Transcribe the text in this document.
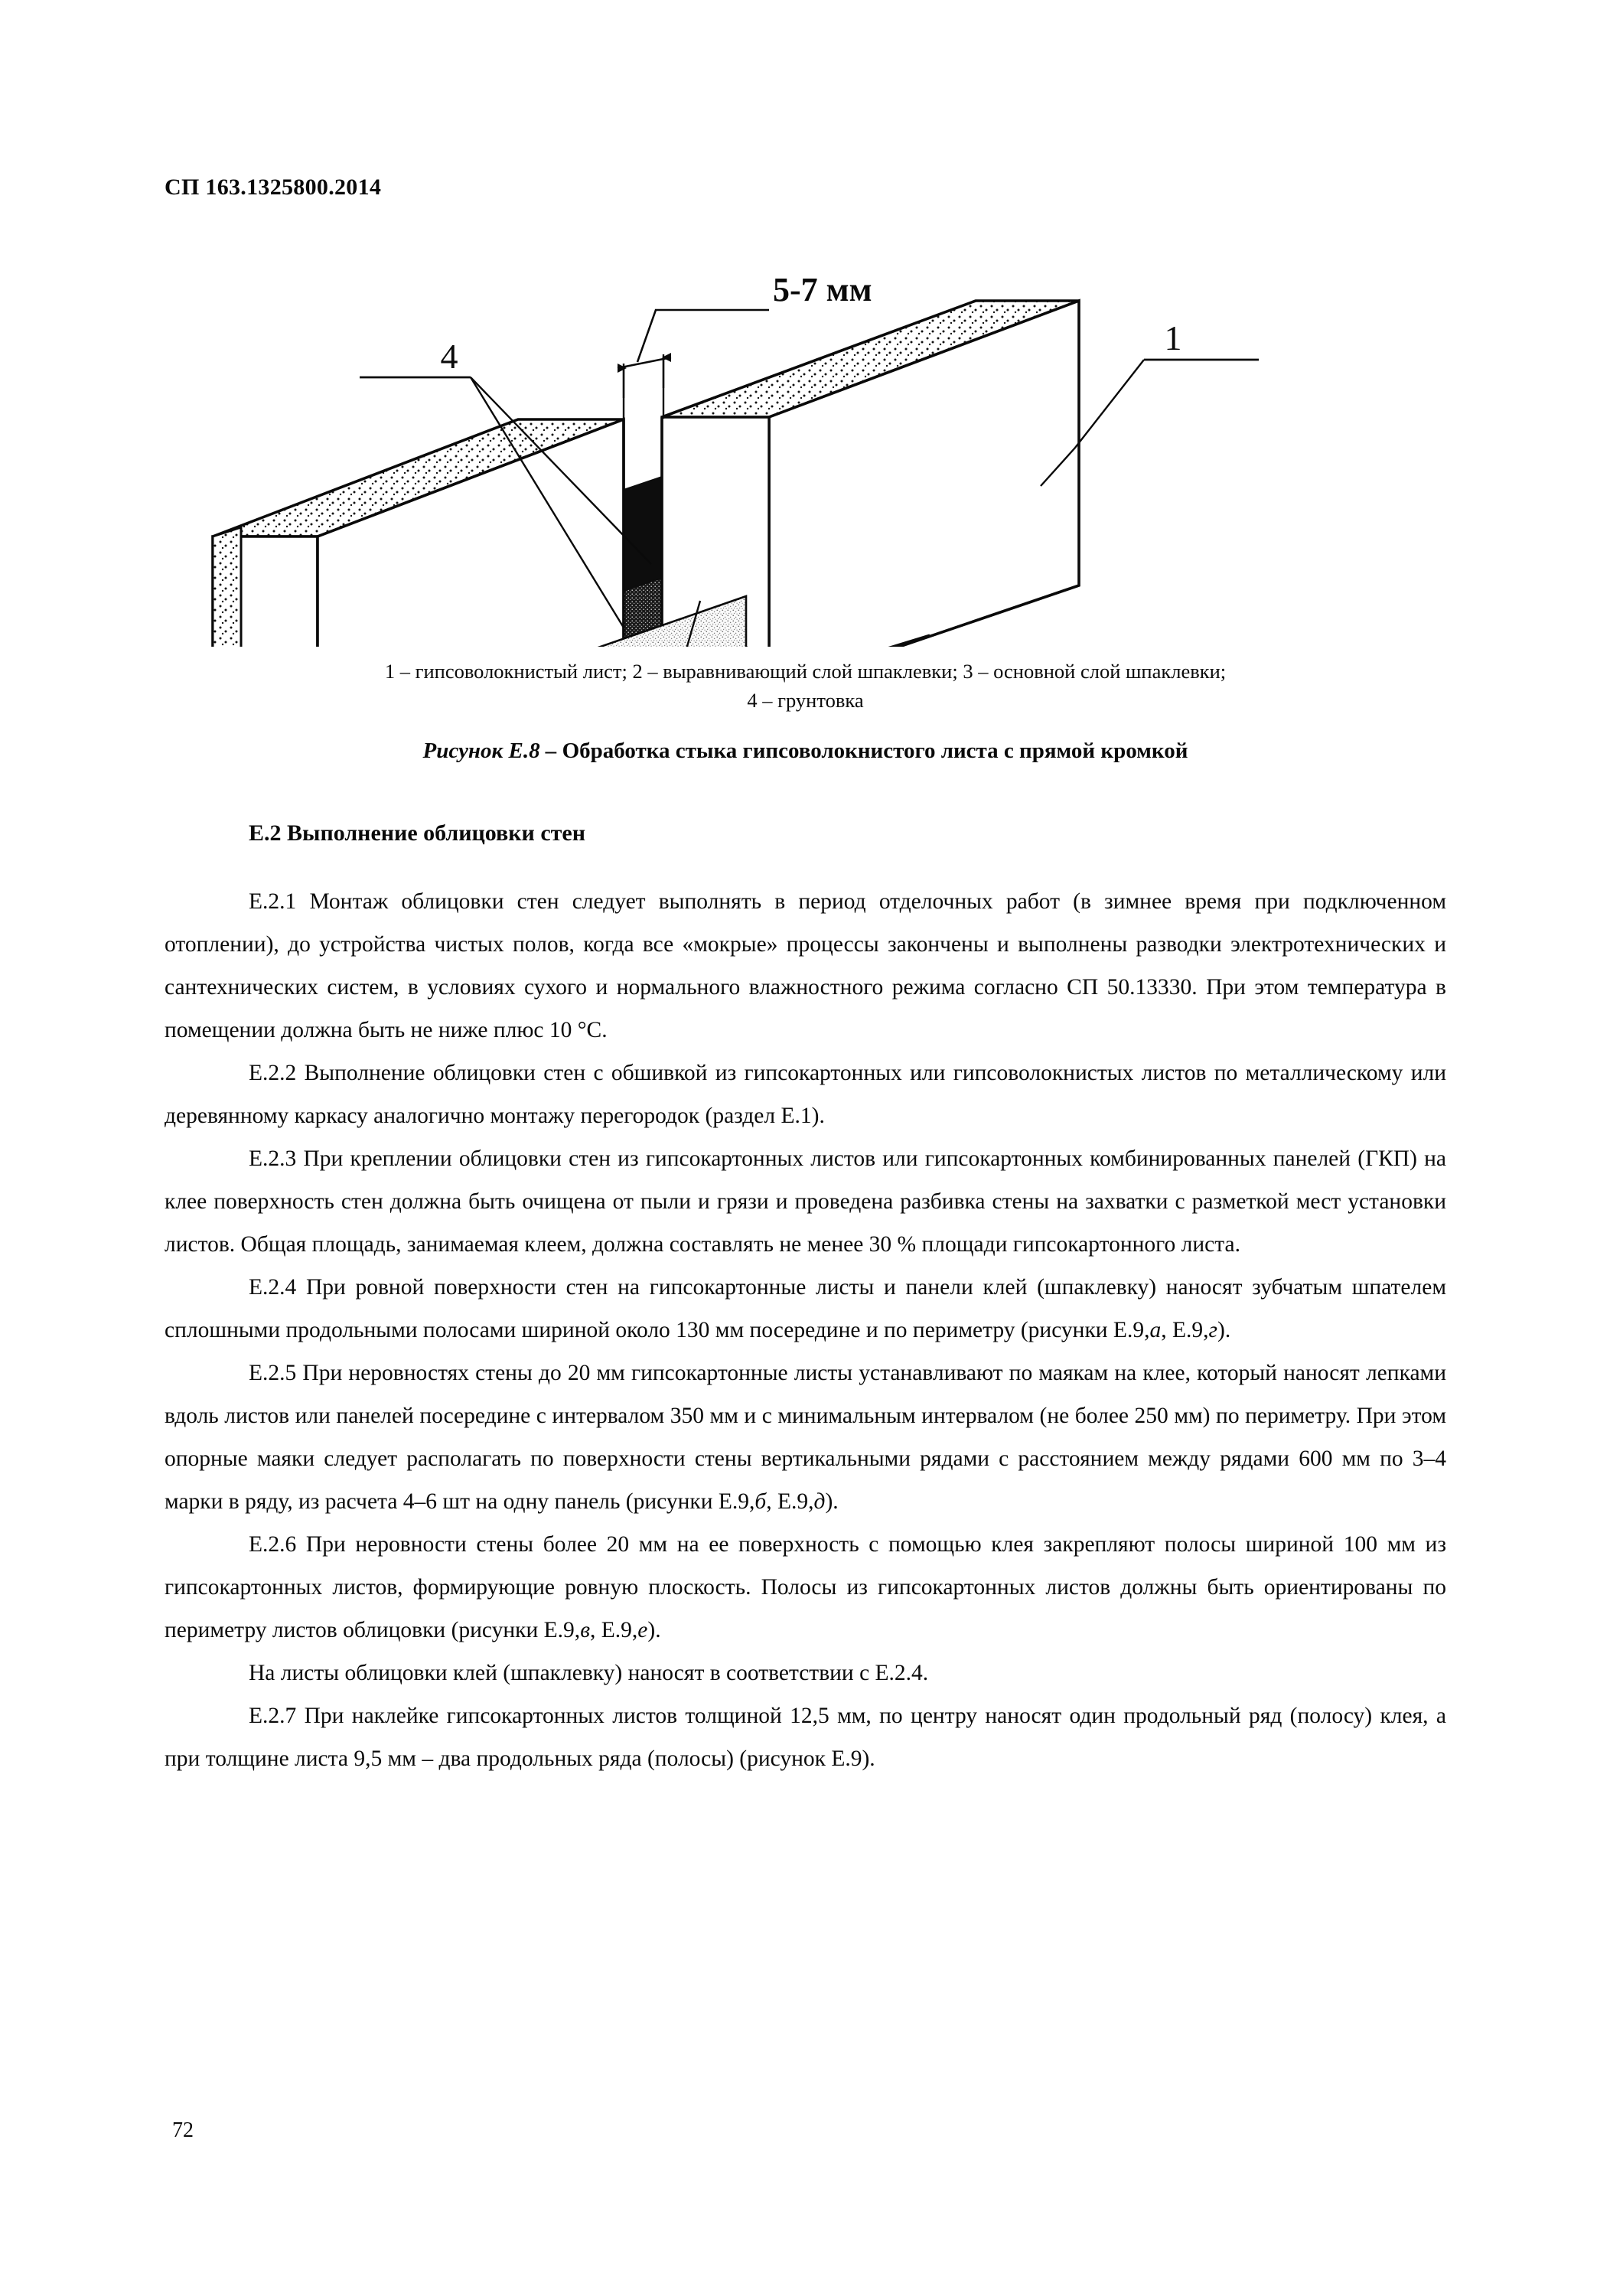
СП 163.1325800.2014
4	1
5-7 мм
1 – гипсоволокнистый лист; 2 – выравнивающий слой шпаклевки; 3 – основной слой шпаклевки;
4 – грунтовка
Рисунок Е.8 – Обработка стыка гипсоволокнистого листа с прямой кромкой
Е.2 Выполнение облицовки стен

Е.2.1 Монтаж облицовки стен следует выполнять в период отделочных работ (в зимнее время при подключенном отоплении), до устройства чистых полов, когда все «мокрые» процессы закончены и выполнены разводки электротехнических и сантехнических систем, в условиях сухого и нормального влажностного режима согласно СП 50.13330. При этом температура в помещении должна быть не ниже плюс 10 °С.

Е.2.2 Выполнение облицовки стен с обшивкой из гипсокартонных или гипсоволокнистых листов по металлическому или деревянному каркасу аналогично монтажу перегородок (раздел Е.1).

Е.2.3 При креплении облицовки стен из гипсокартонных листов или гипсокартонных комбинированных панелей (ГКП) на клее поверхность стен должна быть очищена от пыли и грязи и проведена разбивка стены на захватки с разметкой мест установки листов. Общая площадь, занимаемая клеем, должна составлять не менее 30 % площади гипсокартонного листа.

Е.2.4 При ровной поверхности стен на гипсокартонные листы и панели клей (шпаклевку) наносят зубчатым шпателем сплошными продольными полосами шириной около 130 мм посередине и по периметру (рисунки Е.9,а, Е.9,г).

Е.2.5 При неровностях стены до 20 мм гипсокартонные листы устанавливают по маякам на клее, который наносят лепками вдоль листов или панелей посередине с интервалом 350 мм и с минимальным интервалом (не более 250 мм) по периметру. При этом опорные маяки следует располагать по поверхности стены вертикальными рядами с расстоянием между рядами 600 мм по 3–4 марки в ряду, из расчета 4–6 шт на одну панель (рисунки Е.9,б, Е.9,д).

Е.2.6 При неровности стены более 20 мм на ее поверхность с помощью клея закрепляют полосы шириной 100 мм из гипсокартонных листов, формирующие ровную плоскость. Полосы из гипсокартонных листов должны быть ориентированы по периметру листов облицовки (рисунки Е.9,в, Е.9,е).

На листы облицовки клей (шпаклевку) наносят в соответствии с Е.2.4.

Е.2.7 При наклейке гипсокартонных листов толщиной 12,5 мм, по центру наносят один продольный ряд (полосу) клея, а при толщине листа 9,5 мм – два продольных ряда (полосы) (рисунок Е.9).

72
